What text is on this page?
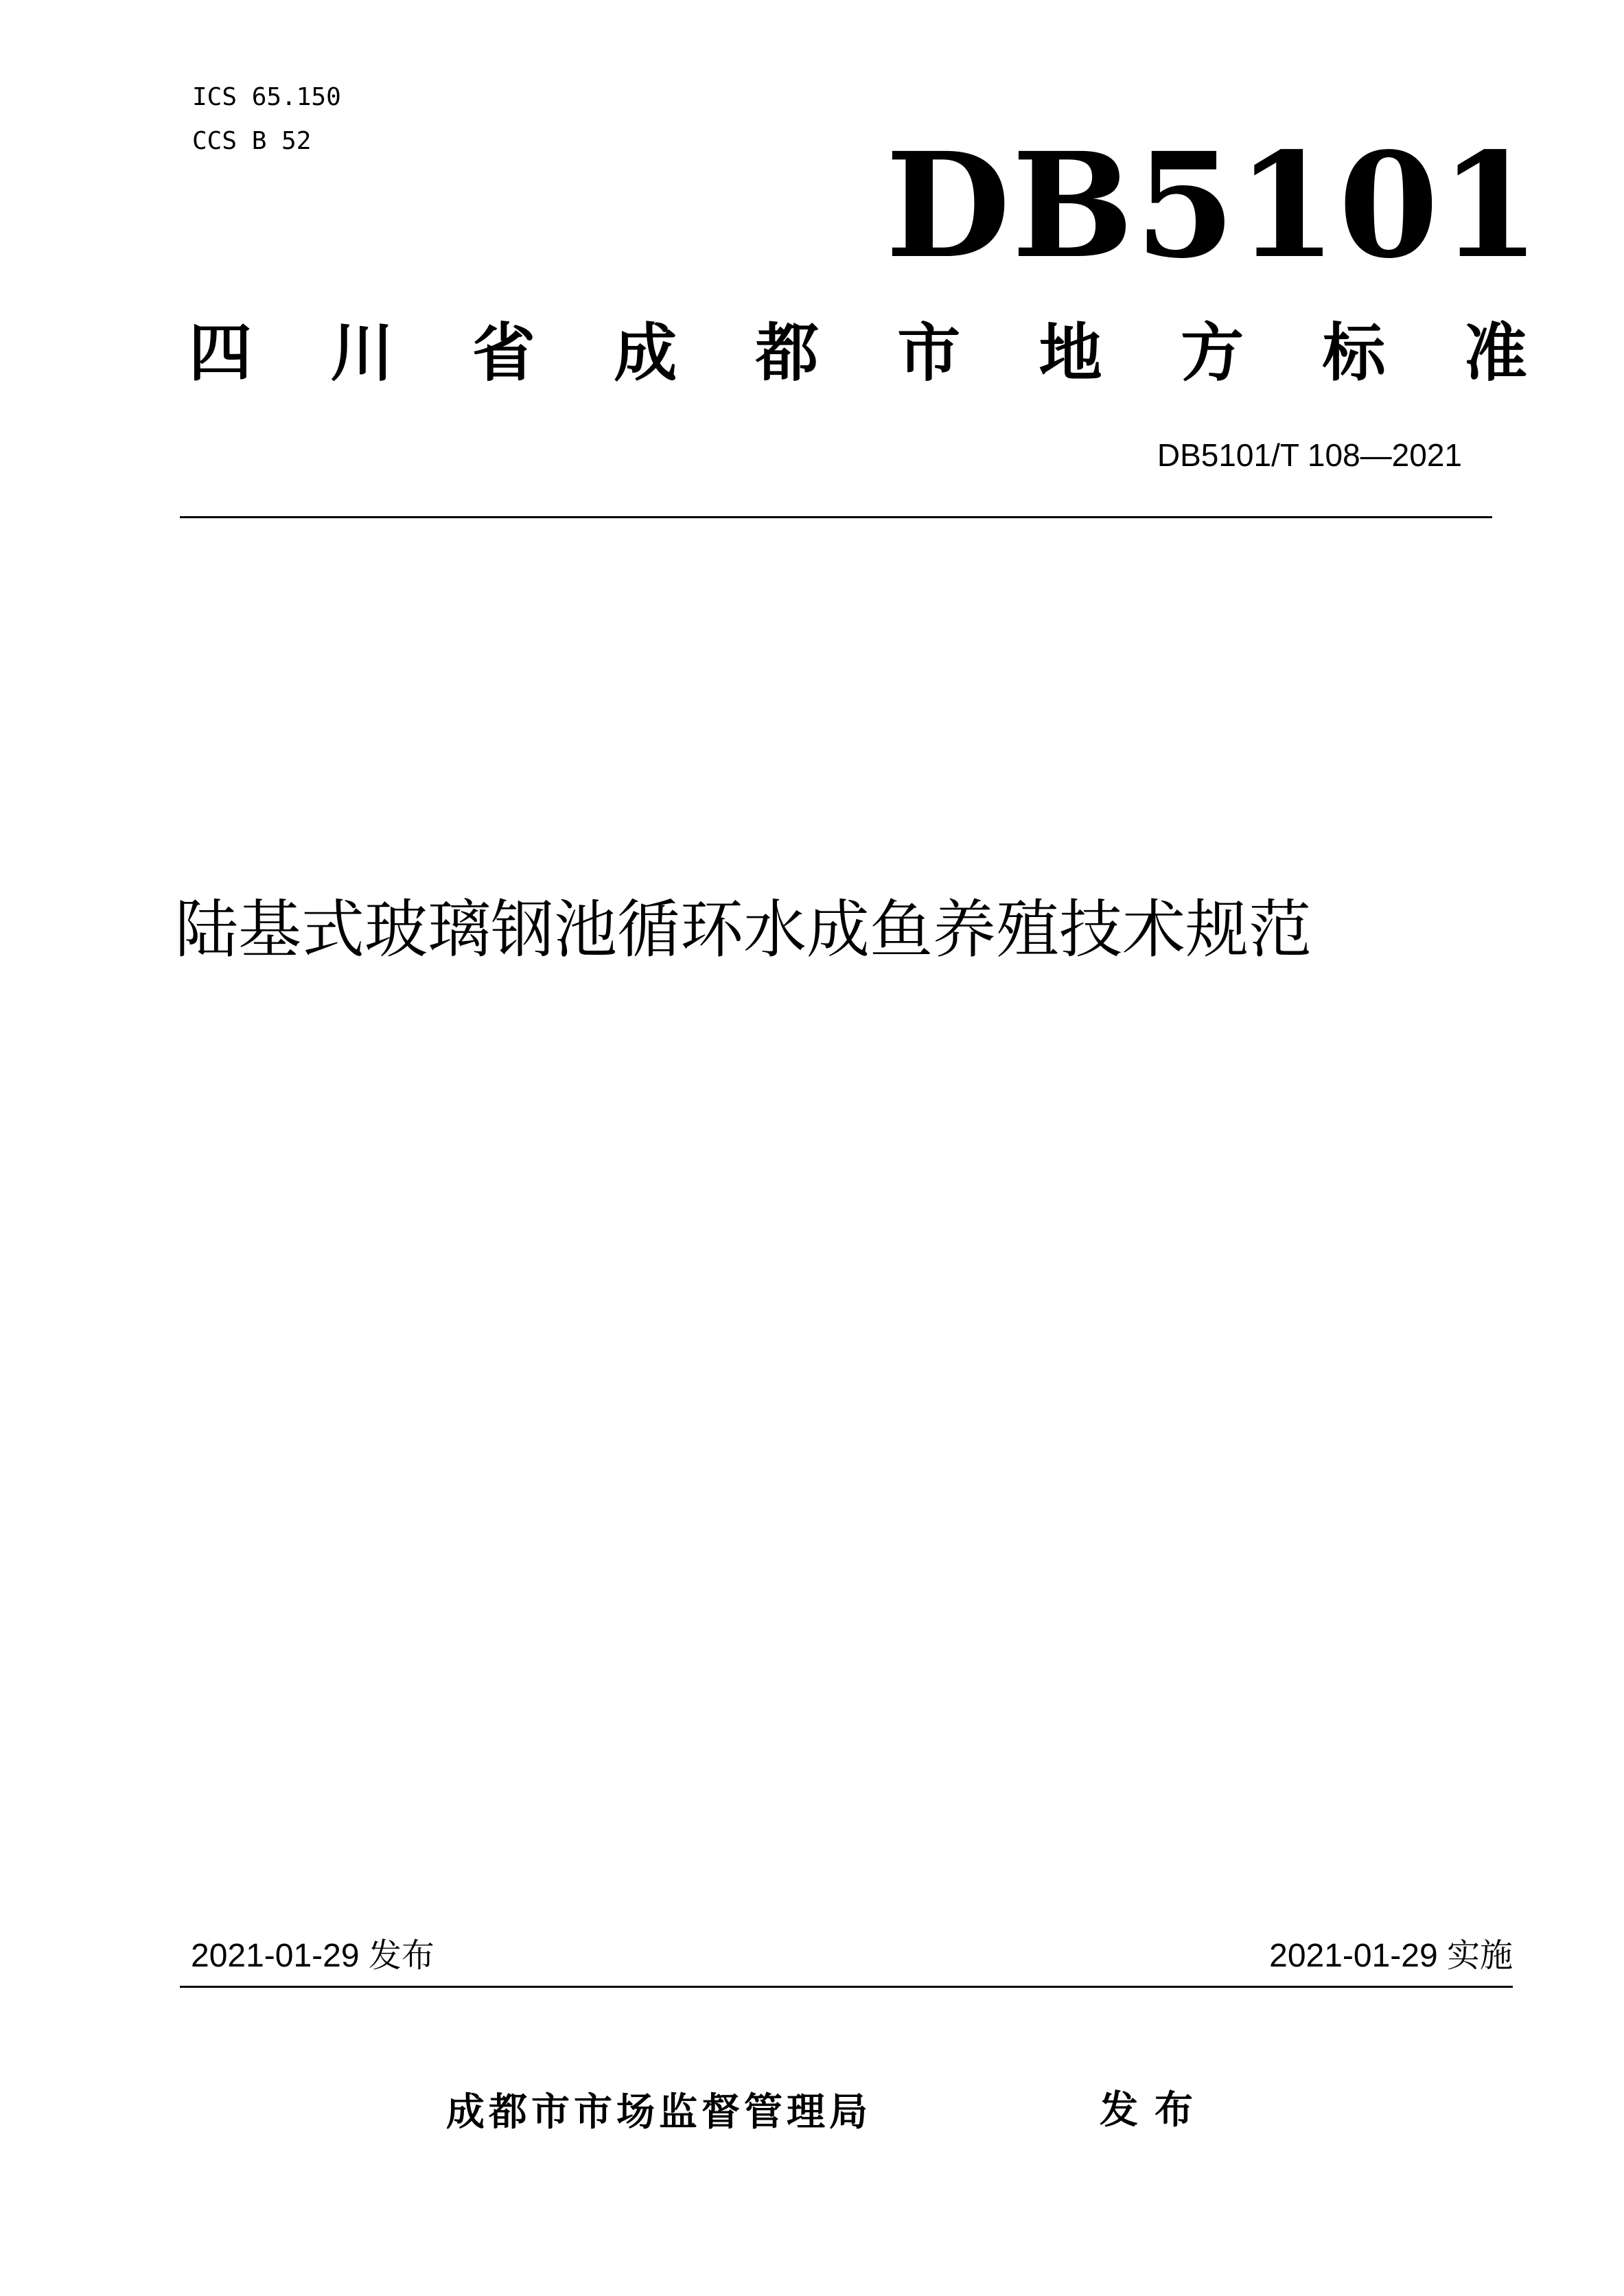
ICS 65.150
CCS B 52	DB5101
四 川 省 成 都 市 地 方 标 准
DB5101/T 108—2021
陆基式玻璃钢池循环水成鱼养殖技术规范
2021-01-29 发布	2021-01-29 实施
成都市市场监督管理局	发布
